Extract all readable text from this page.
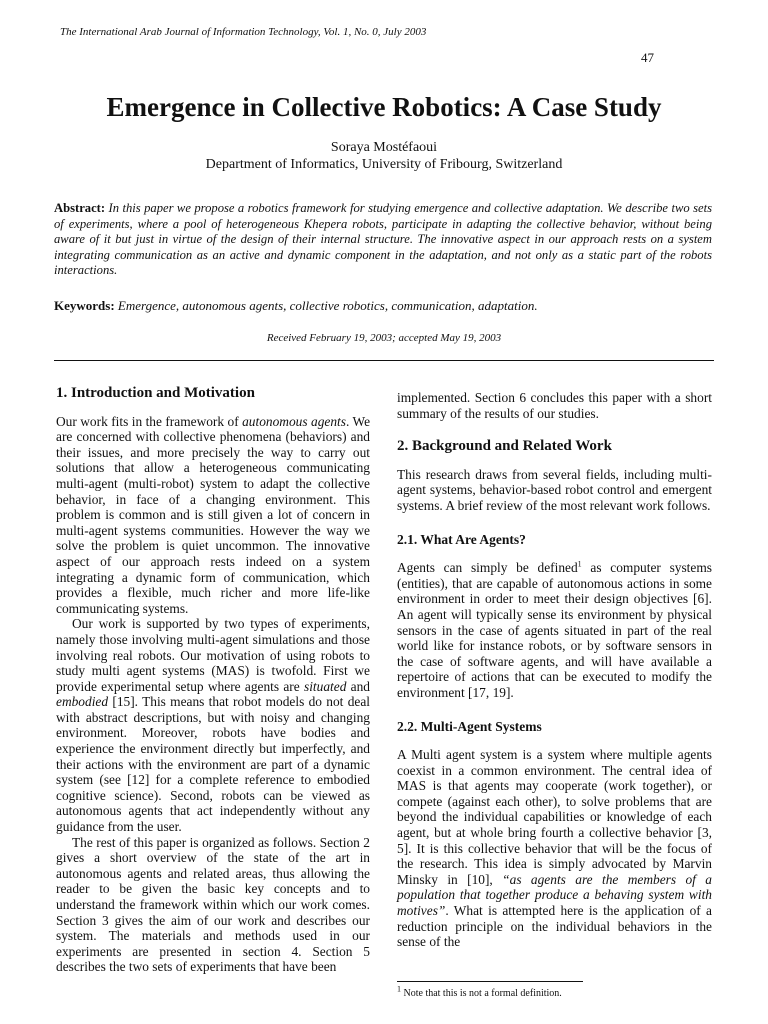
The International Arab Journal of Information Technology, Vol. 1, No. 0, July 2003
47
Emergence in Collective Robotics: A Case Study
Soraya Mostéfaoui
Department of Informatics, University of Fribourg, Switzerland
Abstract: In this paper we propose a robotics framework for studying emergence and collective adaptation. We describe two sets of experiments, where a pool of heterogeneous Khepera robots, participate in adapting the collective behavior, without being aware of it but just in virtue of the design of their internal structure. The innovative aspect in our approach rests on a system integrating communication as an active and dynamic component in the adaptation, and not only as a static part of the robots interactions.
Keywords: Emergence, autonomous agents, collective robotics, communication, adaptation.
Received February 19, 2003; accepted May 19, 2003
1. Introduction and Motivation

Our work fits in the framework of autonomous agents. We are concerned with collective phenomena (behaviors) and their issues, and more precisely the way to carry out solutions that allow a heterogeneous communicating multi-agent (multi-robot) system to adapt the collective behavior, in face of a changing environment. This problem is common and is still given a lot of concern in multi-agent systems communities. However the way we solve the problem is quiet uncommon. The innovative aspect of our approach rests indeed on a system integrating a dynamic form of communication, which provides a flexible, much richer and more life-like communicating systems.

Our work is supported by two types of experiments, namely those involving multi-agent simulations and those involving real robots. Our motivation of using robots to study multi agent systems (MAS) is twofold. First we provide experimental setup where agents are situated and embodied [15]. This means that robot models do not deal with abstract descriptions, but with noisy and changing environment. Moreover, robots have bodies and experience the environment directly but imperfectly, and their actions with the environment are part of a dynamic system (see [12] for a complete reference to embodied cognitive science). Second, robots can be viewed as autonomous agents that act independently without any guidance from the user.

The rest of this paper is organized as follows. Section 2 gives a short overview of the state of the art in autonomous agents and related areas, thus allowing the reader to be given the basic key concepts and to understand the framework within which our work comes. Section 3 gives the aim of our work and describes our system. The materials and methods used in our experiments are presented in section 4. Section 5 describes the two sets of experiments that have been

implemented. Section 6 concludes this paper with a short summary of the results of our studies.

2. Background and Related Work

This research draws from several fields, including multi-agent systems, behavior-based robot control and emergent systems. A brief review of the most relevant work follows.

2.1. What Are Agents?

Agents can simply be defined$^1$ as computer systems (entities), that are capable of autonomous actions in some environment in order to meet their design objectives [6]. An agent will typically sense its environment by physical sensors in the case of agents situated in part of the real world like for instance robots, or by software sensors in the case of software agents, and will have available a repertoire of actions that can be executed to modify the environment [17, 19].

2.2. Multi-Agent Systems

A Multi agent system is a system where multiple agents coexist in a common environment. The central idea of MAS is that agents may cooperate (work together), or compete (against each other), to solve problems that are beyond the individual capabilities or knowledge of each agent, but at whole bring fourth a collective behavior [3, 5]. It is this collective behavior that will be the focus of the research. This idea is simply advocated by Marvin Minsky in [10], “as agents are the members of a population that together produce a behaving system with motives”. What is attempted here is the application of a reduction principle on the individual behaviors in the sense of the

$^1$ Note that this is not a formal definition.
